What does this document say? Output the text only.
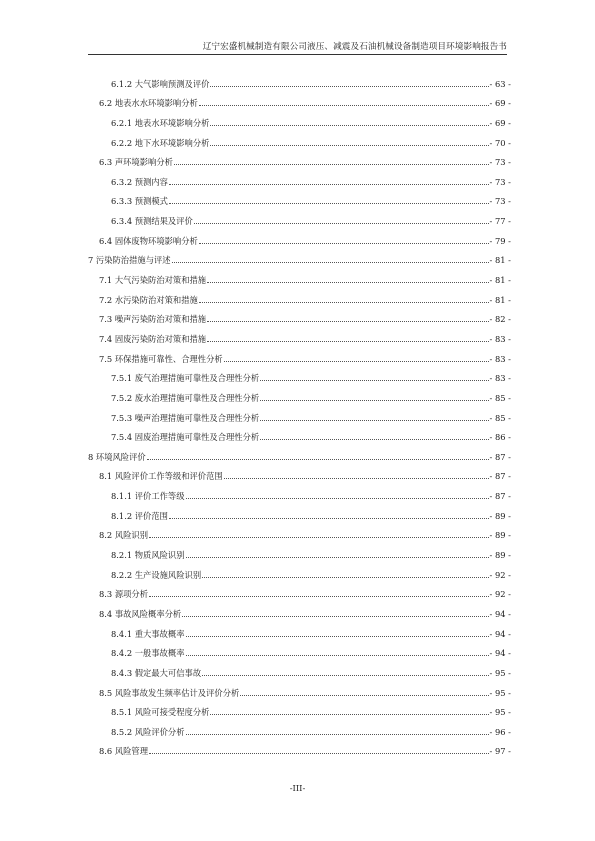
辽宁宏盛机械制造有限公司液压、减震及石油机械设备制造项目环境影响报告书
6.1.2 大气影响预测及评价	- 63 -
6.2 地表水水环境影响分析	- 69 -
6.2.1 地表水环境影响分析	- 69 -
6.2.2 地下水环境影响分析	- 70 -
6.3 声环境影响分析	- 73 -
6.3.2 预测内容	- 73 -
6.3.3 预测模式	- 73 -
6.3.4 预测结果及评价	- 77 -
6.4 固体废物环境影响分析	- 79 -
7 污染防治措施与评述	- 81 -
7.1 大气污染防治对策和措施	- 81 -
7.2 水污染防治对策和措施	- 81 -
7.3 噪声污染防治对策和措施	- 82 -
7.4 固废污染防治对策和措施	- 83 -
7.5 环保措施可靠性、合理性分析	- 83 -
7.5.1 废气治理措施可靠性及合理性分析	- 83 -
7.5.2 废水治理措施可靠性及合理性分析	- 85 -
7.5.3 噪声治理措施可靠性及合理性分析	- 85 -
7.5.4 固废治理措施可靠性及合理性分析	- 86 -
8 环境风险评价	- 87 -
8.1 风险评价工作等级和评价范围	- 87 -
8.1.1 评价工作等级	- 87 -
8.1.2 评价范围	- 89 -
8.2 风险识别	- 89 -
8.2.1 物质风险识别	- 89 -
8.2.2 生产设施风险识别	- 92 -
8.3 源项分析	- 92 -
8.4 事故风险概率分析	- 94 -
8.4.1 重大事故概率	- 94 -
8.4.2 一般事故概率	- 94 -
8.4.3 假定最大可信事故	- 95 -
8.5 风险事故发生频率估计及评价分析	- 95 -
8.5.1 风险可接受程度分析	- 95 -
8.5.2 风险评价分析	- 96 -
8.6 风险管理	- 97 -
-III-
